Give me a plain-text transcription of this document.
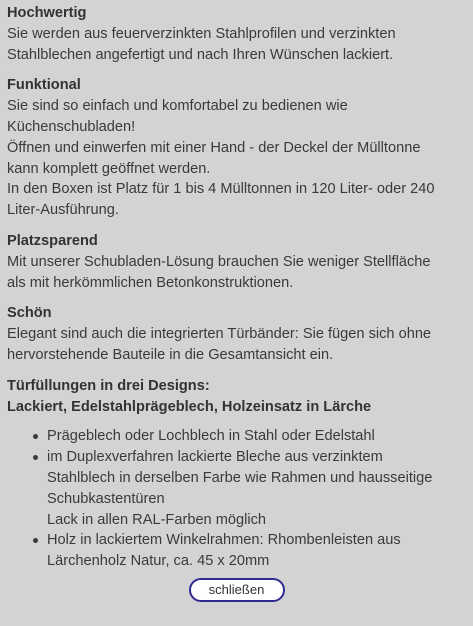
Hochwertig

Sie werden aus feuerverzinkten Stahlprofilen und verzinkten
Stahlblechen angefertigt und nach Ihren Wünschen lackiert.

Funktional

Sie sind so einfach und komfortabel zu bedienen wie
Küchenschubladen!
Öffnen und einwerfen mit einer Hand - der Deckel der Mülltonne
kann komplett geöffnet werden.
In den Boxen ist Platz für 1 bis 4 Mülltonnen in 120 Liter- oder 240
Liter-Ausführung.

Platzsparend

Mit unserer Schubladen-Lösung brauchen Sie weniger Stellfläche
als mit herkömmlichen Betonkonstruktionen.

Schön

Elegant sind auch die integrierten Türbänder: Sie fügen sich ohne
hervorstehende Bauteile in die Gesamtansicht ein.

Türfüllungen in drei Designs:
Lackiert, Edelstahlprägeblech, Holzeinsatz in Lärche
Prägeblech oder Lochblech in Stahl oder Edelstahl
im Duplexverfahren lackierte Bleche aus verzinktem
Stahlblech in derselben Farbe wie Rahmen und hausseitige
Schubkastentüren
Lack in allen RAL-Farben möglich
Holz in lackiertem Winkelrahmen: Rhombenleisten aus
Lärchenholz Natur, ca. 45 x 20mm
schließen
